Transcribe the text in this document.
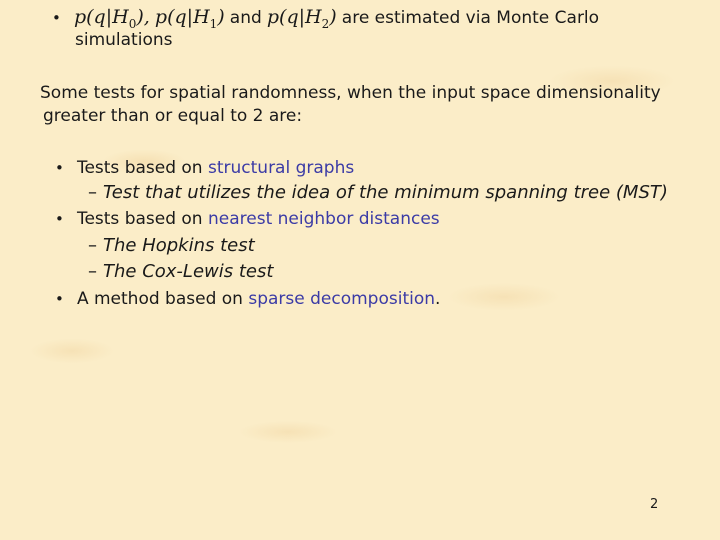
• $p(q|H_0)$, $p(q|H_1)$ and $p(q|H_2)$ are estimated via Monte Carlo
simulations
Some tests for spatial randomness, when the input space dimensionality
greater than or equal to 2 are:
• Tests based on structural graphs
– Test that utilizes the idea of the minimum spanning tree (MST)
• Tests based on nearest neighbor distances
– The Hopkins test
– The Cox-Lewis test
• A method based on sparse decomposition.
2
